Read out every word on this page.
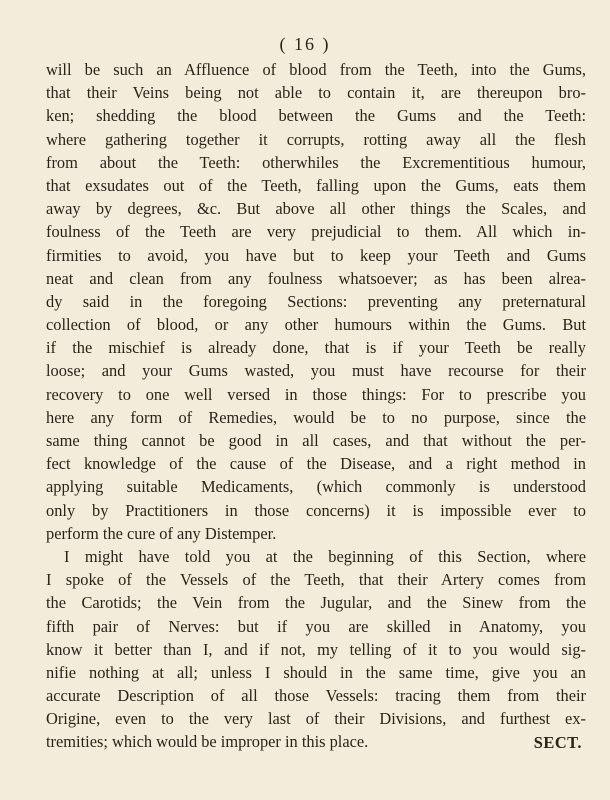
( 16 )
will be such an Affluence of blood from the Teeth, into the Gums,
that their Veins being not able to contain it, are thereupon bro-
ken; shedding the blood between the Gums and the Teeth:
where gathering together it corrupts, rotting away all the flesh
from about the Teeth: otherwhiles the Excrementitious humour,
that exsudates out of the Teeth, falling upon the Gums, eats them
away by degrees, &c. But above all other things the Scales, and
foulness of the Teeth are very prejudicial to them. All which in-
firmities to avoid, you have but to keep your Teeth and Gums
neat and clean from any foulness whatsoever; as has been alrea-
dy said in the foregoing Sections: preventing any preternatural
collection of blood, or any other humours within the Gums. But
if the mischief is already done, that is if your Teeth be really
loose; and your Gums wasted, you must have recourse for their
recovery to one well versed in those things: For to prescribe you
here any form of Remedies, would be to no purpose, since the
same thing cannot be good in all cases, and that without the per-
fect knowledge of the cause of the Disease, and a right method in
applying suitable Medicaments, (which commonly is understood
only by Practitioners in those concerns) it is impossible ever to
perform the cure of any Distemper.
I might have told you at the beginning of this Section, where
I spoke of the Vessels of the Teeth, that their Artery comes from
the Carotids; the Vein from the Jugular, and the Sinew from the
fifth pair of Nerves: but if you are skilled in Anatomy, you
know it better than I, and if not, my telling of it to you would sig-
nifie nothing at all; unless I should in the same time, give you an
accurate Description of all those Vessels: tracing them from their
Origine, even to the very last of their Divisions, and furthest ex-
tremities; which would be improper in this place.	SECT.
